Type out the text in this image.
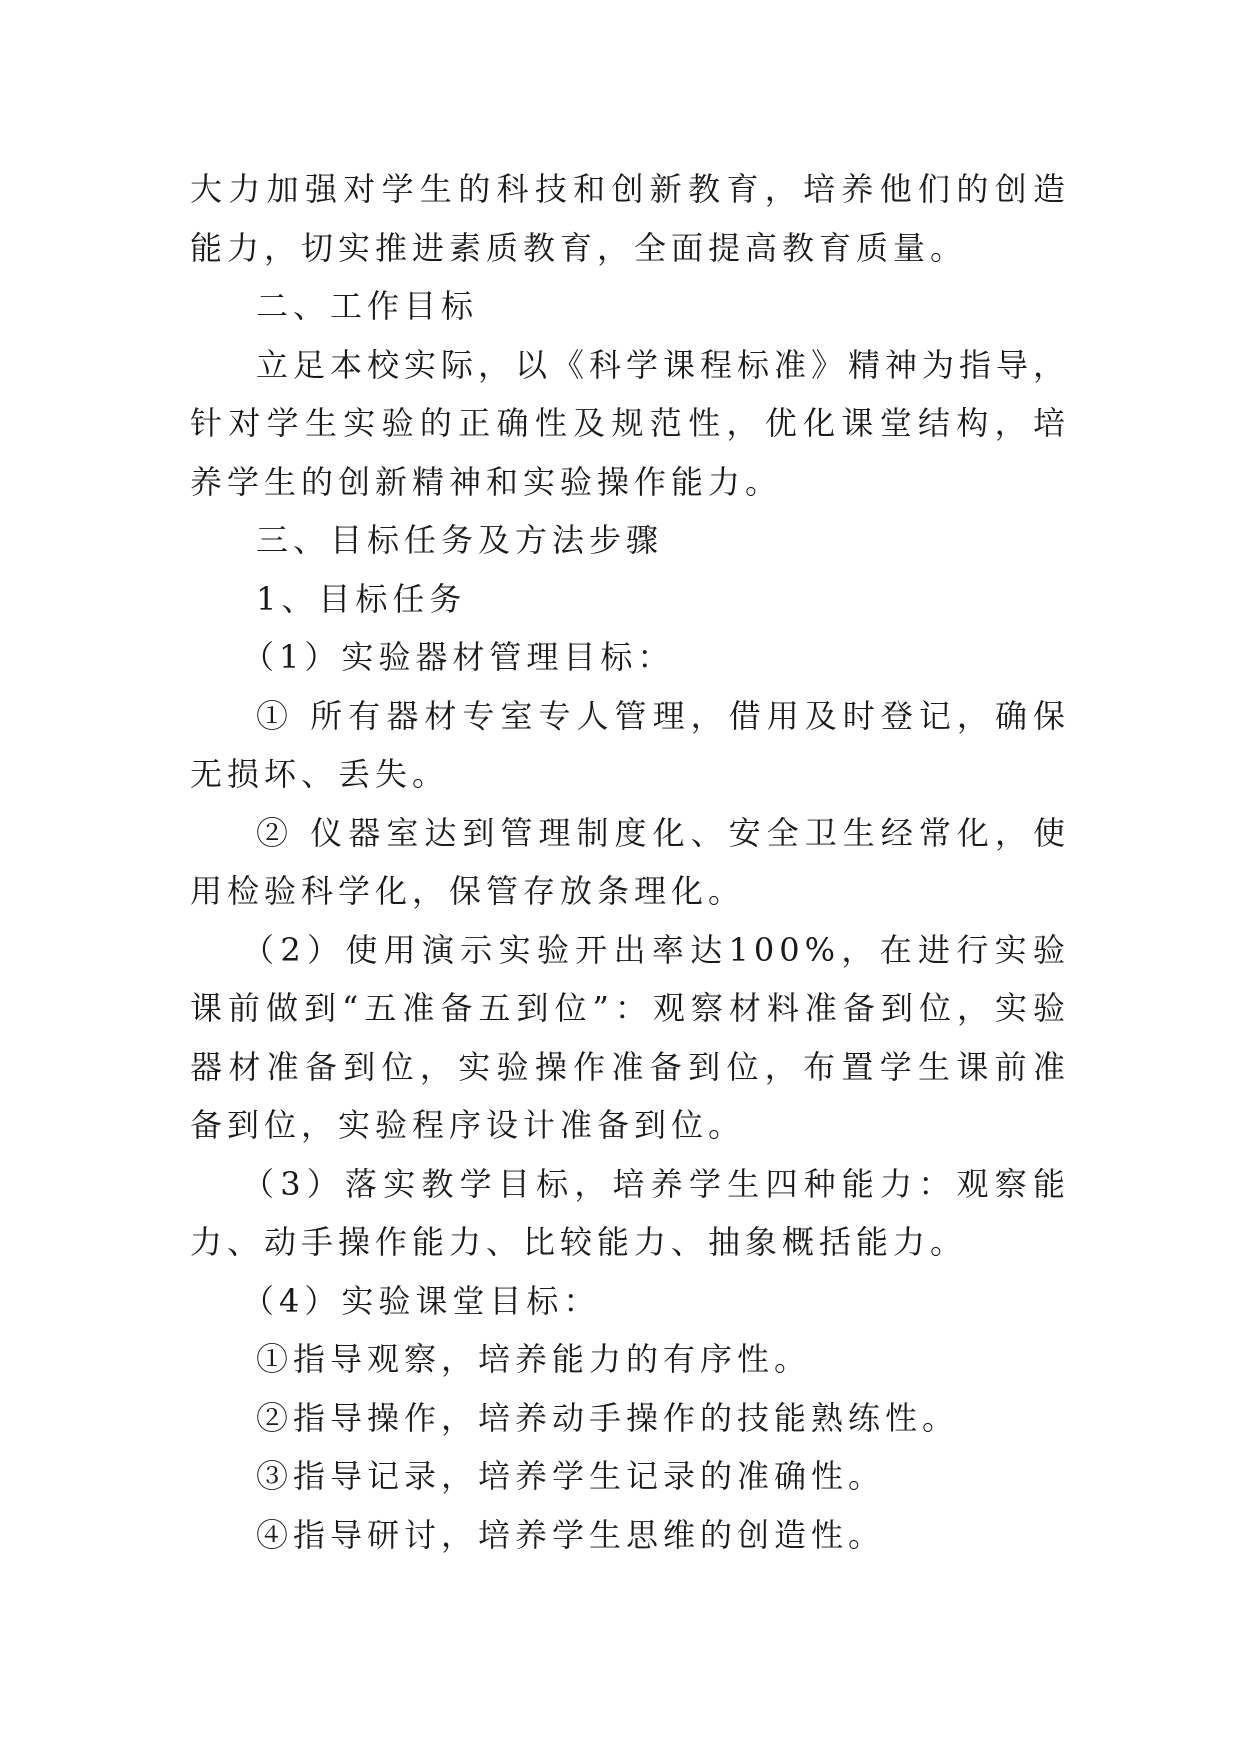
大力加强对学生的科技和创新教育，培养他们的创造能力，切实推进素质教育，全面提高教育质量。

二、工作目标

立足本校实际，以《科学课程标准》精神为指导，针对学生实验的正确性及规范性，优化课堂结构，培养学生的创新精神和实验操作能力。

三、目标任务及方法步骤

1、目标任务

（1）实验器材管理目标：

① 所有器材专室专人管理，借用及时登记，确保无损坏、丢失。

② 仪器室达到管理制度化、安全卫生经常化，使用检验科学化，保管存放条理化。

（2）使用演示实验开出率达100%，在进行实验课前做到“五准备五到位”：观察材料准备到位，实验器材准备到位，实验操作准备到位，布置学生课前准备到位，实验程序设计准备到位。

（3）落实教学目标，培养学生四种能力：观察能力、动手操作能力、比较能力、抽象概括能力。

（4）实验课堂目标：

①指导观察，培养能力的有序性。

②指导操作，培养动手操作的技能熟练性。

③指导记录，培养学生记录的准确性。

④指导研讨，培养学生思维的创造性。
